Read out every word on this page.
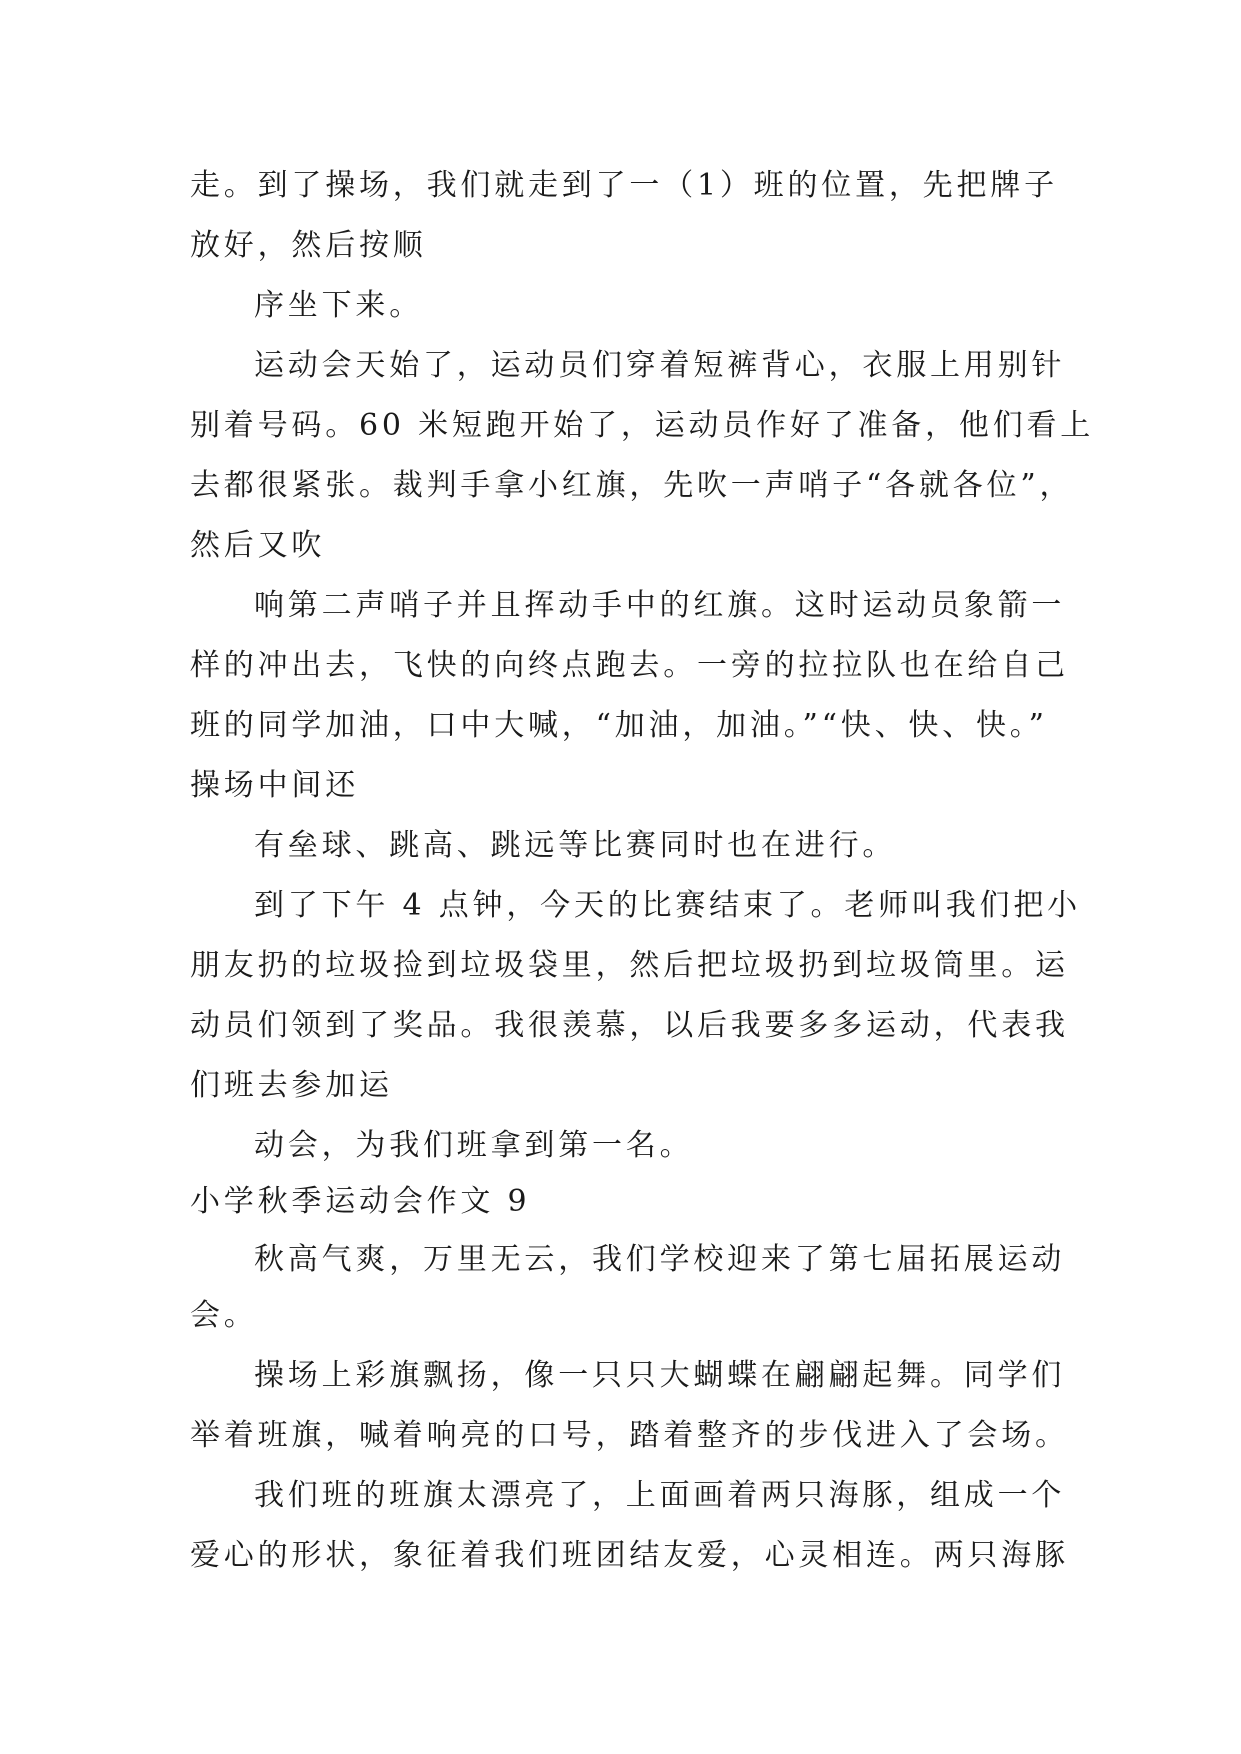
走。到了操场，我们就走到了一（1）班的位置，先把牌子

放好，然后按顺

序坐下来。

运动会天始了，运动员们穿着短裤背心，衣服上用别针

别着号码。60 米短跑开始了，运动员作好了准备，他们看上

去都很紧张。裁判手拿小红旗，先吹一声哨子“各就各位”，

然后又吹

响第二声哨子并且挥动手中的红旗。这时运动员象箭一

样的冲出去，飞快的向终点跑去。一旁的拉拉队也在给自己

班的同学加油，口中大喊，“加油，加油。”“快、快、快。”

操场中间还

有垒球、跳高、跳远等比赛同时也在进行。

到了下午 4 点钟，今天的比赛结束了。老师叫我们把小

朋友扔的垃圾捡到垃圾袋里，然后把垃圾扔到垃圾筒里。运

动员们领到了奖品。我很羡慕，以后我要多多运动，代表我

们班去参加运

动会，为我们班拿到第一名。

小学秋季运动会作文 9

秋高气爽，万里无云，我们学校迎来了第七届拓展运动

会。

操场上彩旗飘扬，像一只只大蝴蝶在翩翩起舞。同学们

举着班旗，喊着响亮的口号，踏着整齐的步伐进入了会场。

我们班的班旗太漂亮了，上面画着两只海豚，组成一个

爱心的形状，象征着我们班团结友爱，心灵相连。两只海豚
